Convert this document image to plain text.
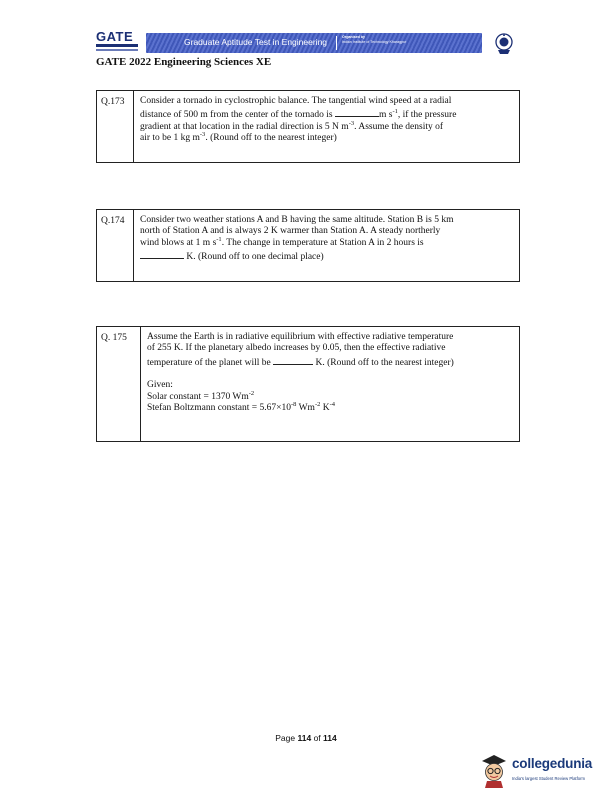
GATE	Graduate Aptitude Test in Engineering	Organised by
Indian Institute of Technology Kharagpur
GATE 2022 Engineering Sciences XE
Q.173	Consider a tornado in cyclostrophic balance. The tangential wind speed at a radial

distance of 500 m from the center of the tornado is	m $s^{-1}$, if the pressure

gradient at that location in the radial direction is 5 N $m^{-3}$. Assume the density of

air to be 1 kg $m^{-3}$. (Round off to the nearest integer)

Q.174	Consider two weather stations A and B having the same altitude. Station B is 5 km

north of Station A and is always 2 K warmer than Station A. A steady northerly

wind blows at 1 m $s^{-1}$. The change in temperature at Station A in 2 hours is

K. (Round off to one decimal place)

Q. 175	Assume the Earth is in radiative equilibrium with effective radiative temperature

of 255 K. If the planetary albedo increases by 0.05, then the effective radiative

temperature of the planet will be	K. (Round off to the nearest integer)

Given:

Solar constant = 1370 $Wm^{-2}$

Stefan Boltzmann constant = $5.67\times 10^{-8}$ $Wm^{-2}$ $K^{-4}$

Page 114 of 114
collegedunia
India's largest Student Review Platform
